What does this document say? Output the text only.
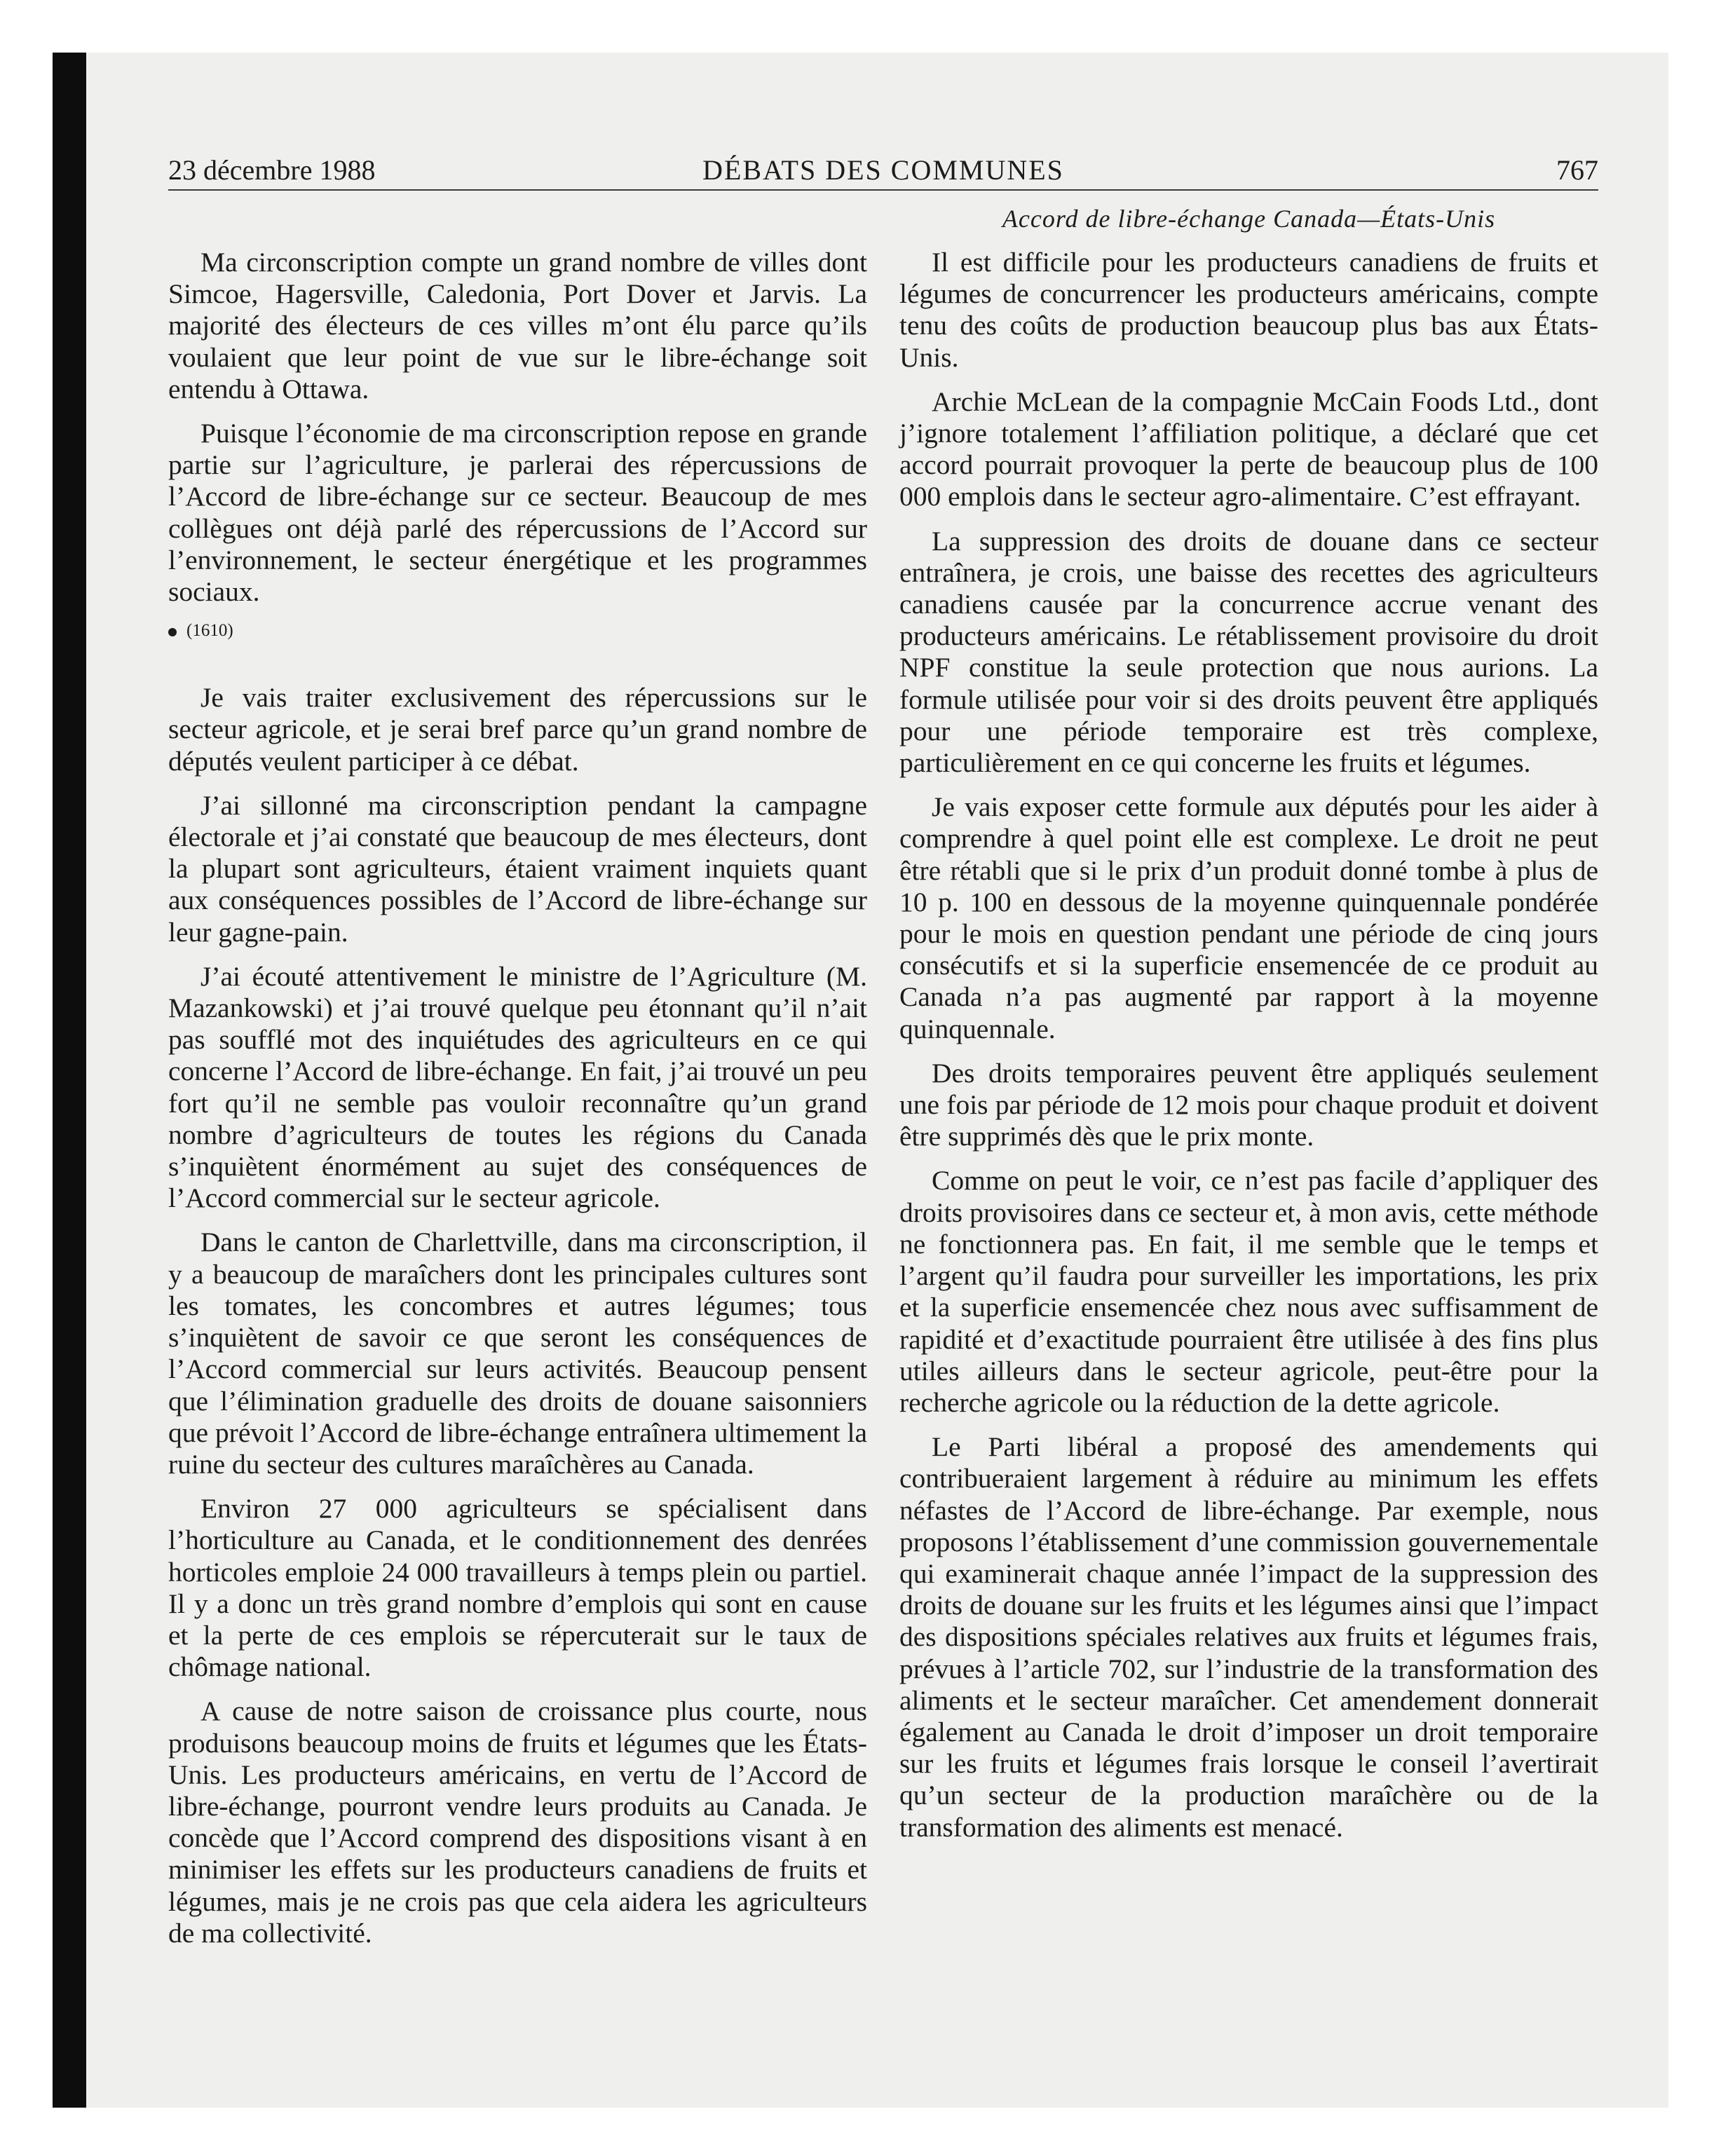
23 décembre 1988	DÉBATS DES COMMUNES	767
Accord de libre-échange Canada—États-Unis

Ma circonscription compte un grand nombre de villes dont Simcoe, Hagersville, Caledonia, Port Dover et Jarvis. La majorité des électeurs de ces villes m’ont élu parce qu’ils voulaient que leur point de vue sur le libre-échange soit entendu à Ottawa.

Puisque l’économie de ma circonscription repose en grande partie sur l’agriculture, je parlerai des répercussions de l’Accord de libre-échange sur ce secteur. Beaucoup de mes collègues ont déjà parlé des répercussions de l’Accord sur l’environnement, le secteur énergétique et les programmes sociaux.

(1610)

Je vais traiter exclusivement des répercussions sur le secteur agricole, et je serai bref parce qu’un grand nombre de députés veulent participer à ce débat.

J’ai sillonné ma circonscription pendant la campagne électorale et j’ai constaté que beaucoup de mes électeurs, dont la plupart sont agriculteurs, étaient vraiment inquiets quant aux conséquences possibles de l’Accord de libre-échange sur leur gagne-pain.

J’ai écouté attentivement le ministre de l’Agriculture (M. Mazankowski) et j’ai trouvé quelque peu étonnant qu’il n’ait pas soufflé mot des inquiétudes des agriculteurs en ce qui concerne l’Accord de libre-échange. En fait, j’ai trouvé un peu fort qu’il ne semble pas vouloir reconnaître qu’un grand nombre d’agriculteurs de toutes les régions du Canada s’inquiètent énormément au sujet des conséquences de l’Accord commercial sur le secteur agricole.

Dans le canton de Charlettville, dans ma circonscription, il y a beaucoup de maraîchers dont les principales cultures sont les tomates, les concombres et autres légumes; tous s’inquiètent de savoir ce que seront les conséquences de l’Accord commercial sur leurs activités. Beaucoup pensent que l’élimination graduelle des droits de douane saisonniers que prévoit l’Accord de libre-échange entraînera ultimement la ruine du secteur des cultures maraîchères au Canada.

Environ 27 000 agriculteurs se spécialisent dans l’horticulture au Canada, et le conditionnement des denrées horticoles emploie 24 000 travailleurs à temps plein ou partiel. Il y a donc un très grand nombre d’emplois qui sont en cause et la perte de ces emplois se répercuterait sur le taux de chômage national.

A cause de notre saison de croissance plus courte, nous produisons beaucoup moins de fruits et légumes que les États-Unis. Les producteurs américains, en vertu de l’Accord de libre-échange, pourront vendre leurs produits au Canada. Je concède que l’Accord comprend des dispositions visant à en minimiser les effets sur les producteurs canadiens de fruits et légumes, mais je ne crois pas que cela aidera les agriculteurs de ma collectivité.

Il est difficile pour les producteurs canadiens de fruits et légumes de concurrencer les producteurs américains, compte tenu des coûts de production beaucoup plus bas aux États-Unis.

Archie McLean de la compagnie McCain Foods Ltd., dont j’ignore totalement l’affiliation politique, a déclaré que cet accord pourrait provoquer la perte de beaucoup plus de 100 000 emplois dans le secteur agro-alimentaire. C’est effrayant.

La suppression des droits de douane dans ce secteur entraînera, je crois, une baisse des recettes des agriculteurs canadiens causée par la concurrence accrue venant des producteurs américains. Le rétablissement provisoire du droit NPF constitue la seule protection que nous aurions. La formule utilisée pour voir si des droits peuvent être appliqués pour une période temporaire est très complexe, particulièrement en ce qui concerne les fruits et légumes.

Je vais exposer cette formule aux députés pour les aider à comprendre à quel point elle est complexe. Le droit ne peut être rétabli que si le prix d’un produit donné tombe à plus de 10 p. 100 en dessous de la moyenne quinquennale pondérée pour le mois en question pendant une période de cinq jours consécutifs et si la superficie ensemencée de ce produit au Canada n’a pas augmenté par rapport à la moyenne quinquennale.

Des droits temporaires peuvent être appliqués seulement une fois par période de 12 mois pour chaque produit et doivent être supprimés dès que le prix monte.

Comme on peut le voir, ce n’est pas facile d’appliquer des droits provisoires dans ce secteur et, à mon avis, cette méthode ne fonctionnera pas. En fait, il me semble que le temps et l’argent qu’il faudra pour surveiller les importations, les prix et la superficie ensemencée chez nous avec suffisamment de rapidité et d’exactitude pourraient être utilisée à des fins plus utiles ailleurs dans le secteur agricole, peut-être pour la recherche agricole ou la réduction de la dette agricole.

Le Parti libéral a proposé des amendements qui contribueraient largement à réduire au minimum les effets néfastes de l’Accord de libre-échange. Par exemple, nous proposons l’établissement d’une commission gouvernementale qui examinerait chaque année l’impact de la suppression des droits de douane sur les fruits et les légumes ainsi que l’impact des dispositions spéciales relatives aux fruits et légumes frais, prévues à l’article 702, sur l’industrie de la transformation des aliments et le secteur maraîcher. Cet amendement donnerait également au Canada le droit d’imposer un droit temporaire sur les fruits et légumes frais lorsque le conseil l’avertirait qu’un secteur de la production maraîchère ou de la transformation des aliments est menacé.
